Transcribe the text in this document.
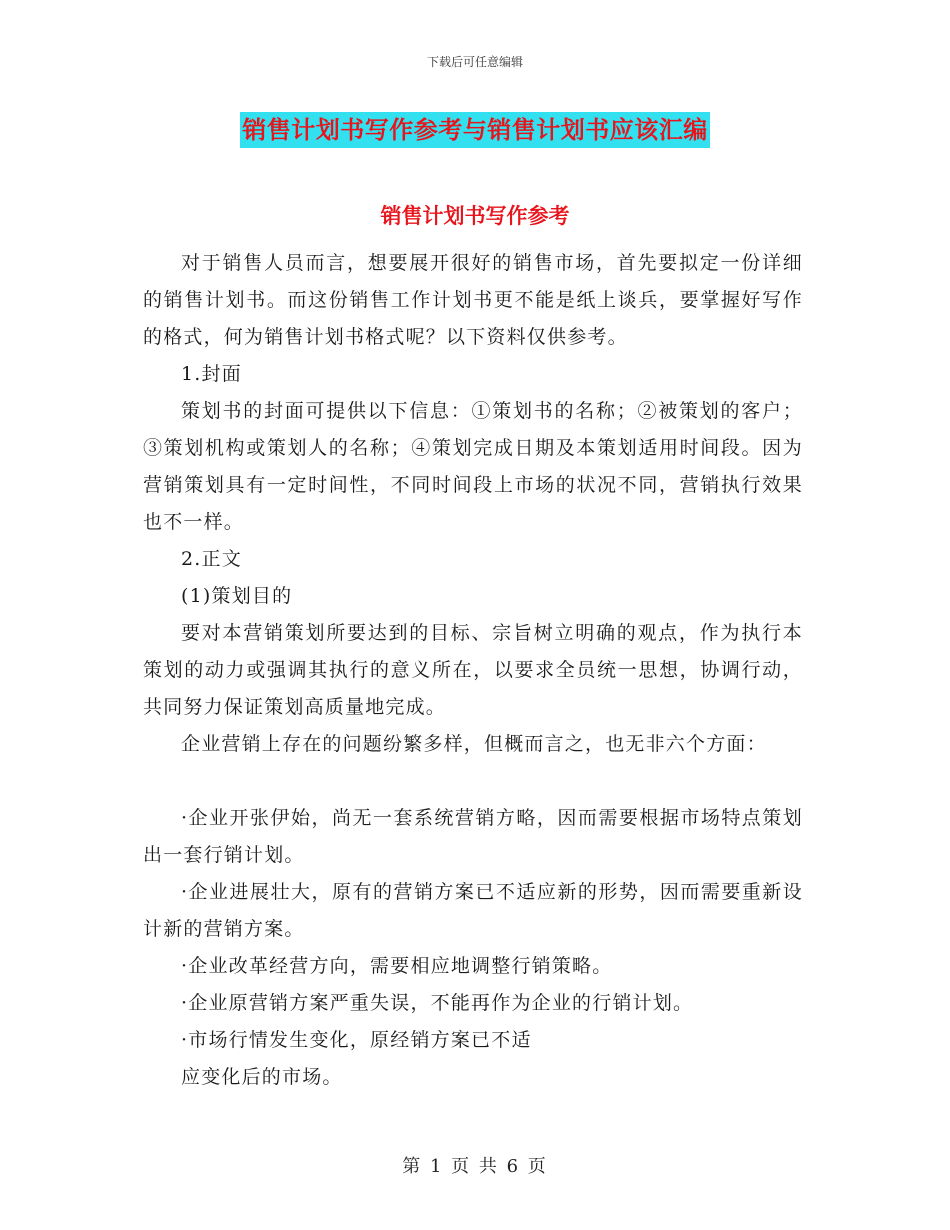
下载后可任意编辑
销售计划书写作参考与销售计划书应该汇编
销售计划书写作参考

对于销售人员而言，想要展开很好的销售市场，首先要拟定一份详细的销售计划书。而这份销售工作计划书更不能是纸上谈兵，要掌握好写作的格式，何为销售计划书格式呢？以下资料仅供参考。

1.封面

策划书的封面可提供以下信息：①策划书的名称；②被策划的客户；③策划机构或策划人的名称；④策划完成日期及本策划适用时间段。因为营销策划具有一定时间性，不同时间段上市场的状况不同，营销执行效果也不一样。

2.正文

(1)策划目的

要对本营销策划所要达到的目标、宗旨树立明确的观点，作为执行本策划的动力或强调其执行的意义所在，以要求全员统一思想，协调行动，共同努力保证策划高质量地完成。

企业营销上存在的问题纷繁多样，但概而言之，也无非六个方面：

·企业开张伊始，尚无一套系统营销方略，因而需要根据市场特点策划出一套行销计划。

·企业进展壮大，原有的营销方案已不适应新的形势，因而需要重新设计新的营销方案。

·企业改革经营方向，需要相应地调整行销策略。

·企业原营销方案严重失误，不能再作为企业的行销计划。

·市场行情发生变化，原经销方案已不适

应变化后的市场。

第 1 页 共 6 页
